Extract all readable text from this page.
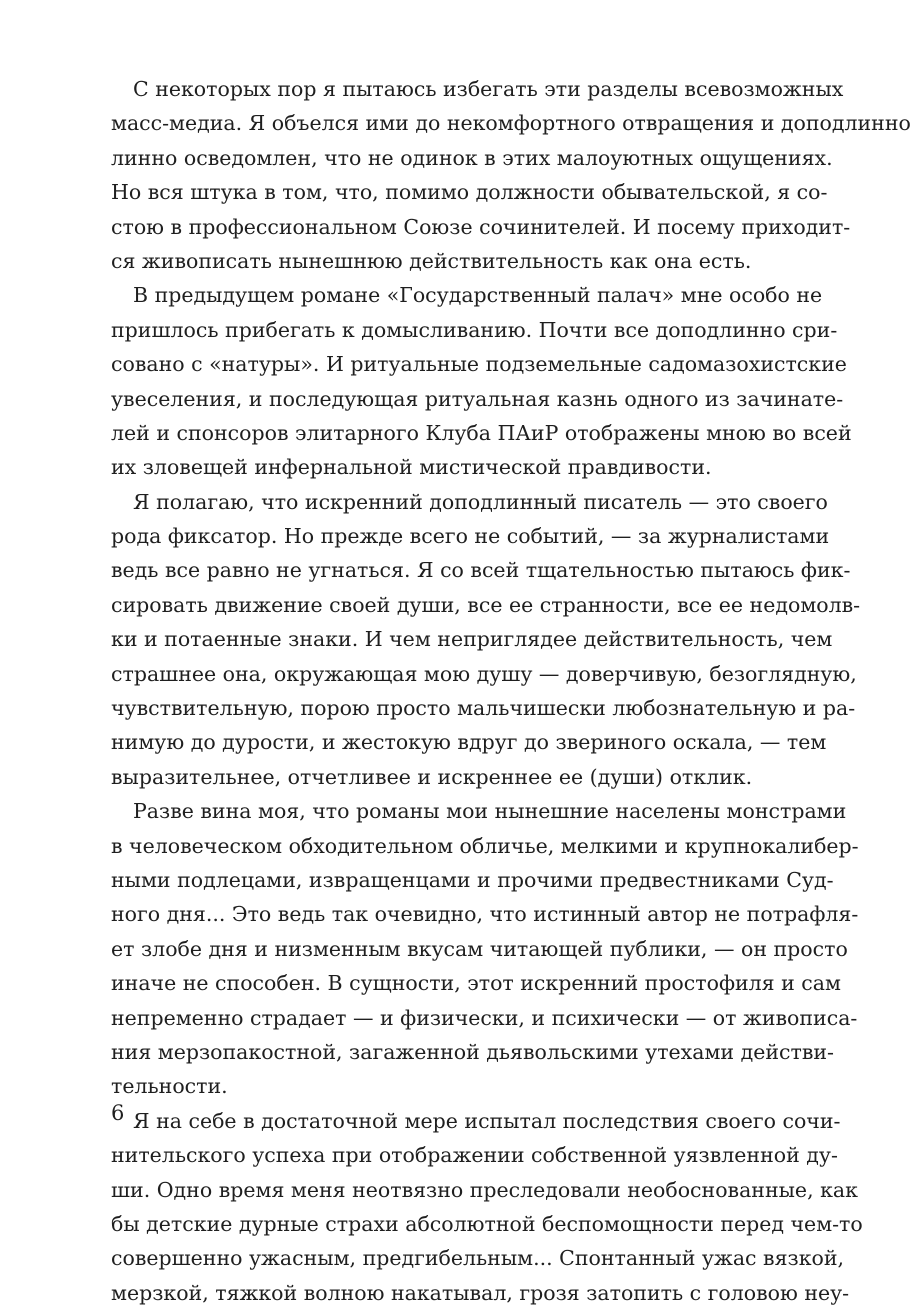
С некоторых пор я пытаюсь избегать эти разделы всевозможных
масс-медиа. Я объелся ими до некомфортного отвращения и доподлинно
линно осведомлен, что не одинок в этих малоуютных ощущениях.
Но вся штука в том, что, помимо должности обывательской, я со-
стою в профессиональном Союзе сочинителей. И посему приходит-
ся живописать нынешнюю действительность как она есть.
В предыдущем романе «Государственный палач» мне особо не
пришлось прибегать к домысливанию. Почти все доподлинно сри-
совано с «натуры». И ритуальные подземельные садомазохистские
увеселения, и последующая ритуальная казнь одного из зачинате-
лей и спонсоров элитарного Клуба ПАиР отображены мною во всей
их зловещей инфернальной мистической правдивости.
Я полагаю, что искренний доподлинный писатель — это своего
рода фиксатор. Но прежде всего не событий, — за журналистами
ведь все равно не угнаться. Я со всей тщательностью пытаюсь фик-
сировать движение своей души, все ее странности, все ее недомолв-
ки и потаенные знаки. И чем неприглядее действительность, чем
страшнее она, окружающая мою душу — доверчивую, безоглядную,
чувствительную, порою просто мальчишески любознательную и ра-
нимую до дурости, и жестокую вдруг до звериного оскала, — тем
выразительнее, отчетливее и искреннее ее (души) отклик.
Разве вина моя, что романы мои нынешние населены монстрами
в человеческом обходительном обличье, мелкими и крупнокалибер-
ными подлецами, извращенцами и прочими предвестниками Суд-
ного дня... Это ведь так очевидно, что истинный автор не потрафля-
ет злобе дня и низменным вкусам читающей публики, — он просто
иначе не способен. В сущности, этот искренний простофиля и сам
непременно страдает — и физически, и психически — от живописа-
ния мерзопакостной, загаженной дьявольскими утехами действи-
тельности.
Я на себе в достаточной мере испытал последствия своего сочи-
нительского успеха при отображении собственной уязвленной ду-
ши. Одно время меня неотвязно преследовали необоснованные, как
бы детские дурные страхи абсолютной беспомощности перед чем-то
совершенно ужасным, предгибельным... Спонтанный ужас вязкой,
мерзкой, тяжкой волною накатывал, грозя затопить с головою неу-
6
